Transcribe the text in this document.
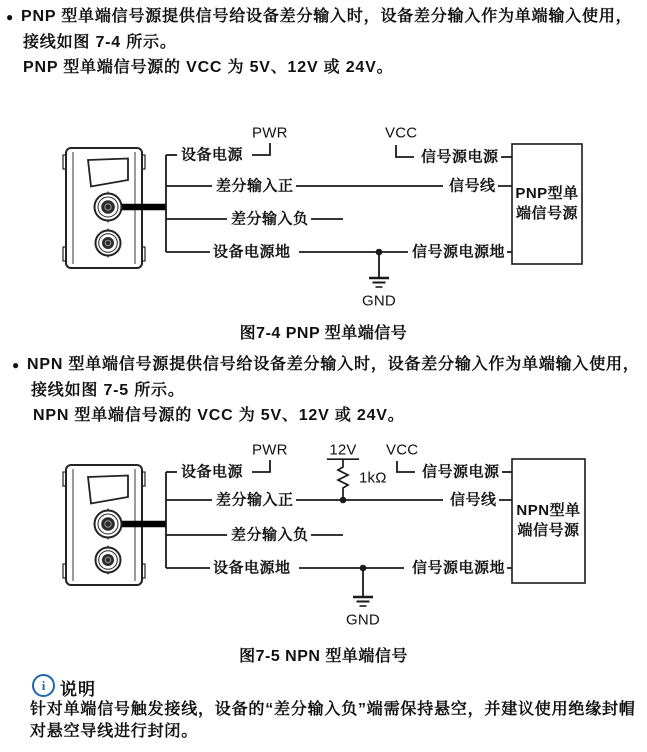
● PNP 型单端信号源提供信号给设备差分输入时，设备差分输入作为单端输入使用，
接线如图 7-4 所示。
PNP 型单端信号源的 VCC 为 5V、12V 或 24V。
PWR	VCC
设备电源
差分输入正
差分输入负
设备电源地
信号源电源
信号线
信号源电源地
GND
PNP型单
端信号源
图7-4 PNP 型单端信号
● NPN 型单端信号源提供信号给设备差分输入时，设备差分输入作为单端输入使用，
接线如图 7-5 所示。
NPN 型单端信号源的 VCC 为 5V、12V 或 24V。
PWR	12V VCC
1kΩ
设备电源
差分输入正
差分输入负
设备电源地
信号源电源
信号线
信号源电源地
GND
NPN型单
端信号源
图7-5 NPN 型单端信号
i 说明
针对单端信号触发接线，设备的“差分输入负”端需保持悬空，并建议使用绝缘封帽对悬空导线进行封闭。
